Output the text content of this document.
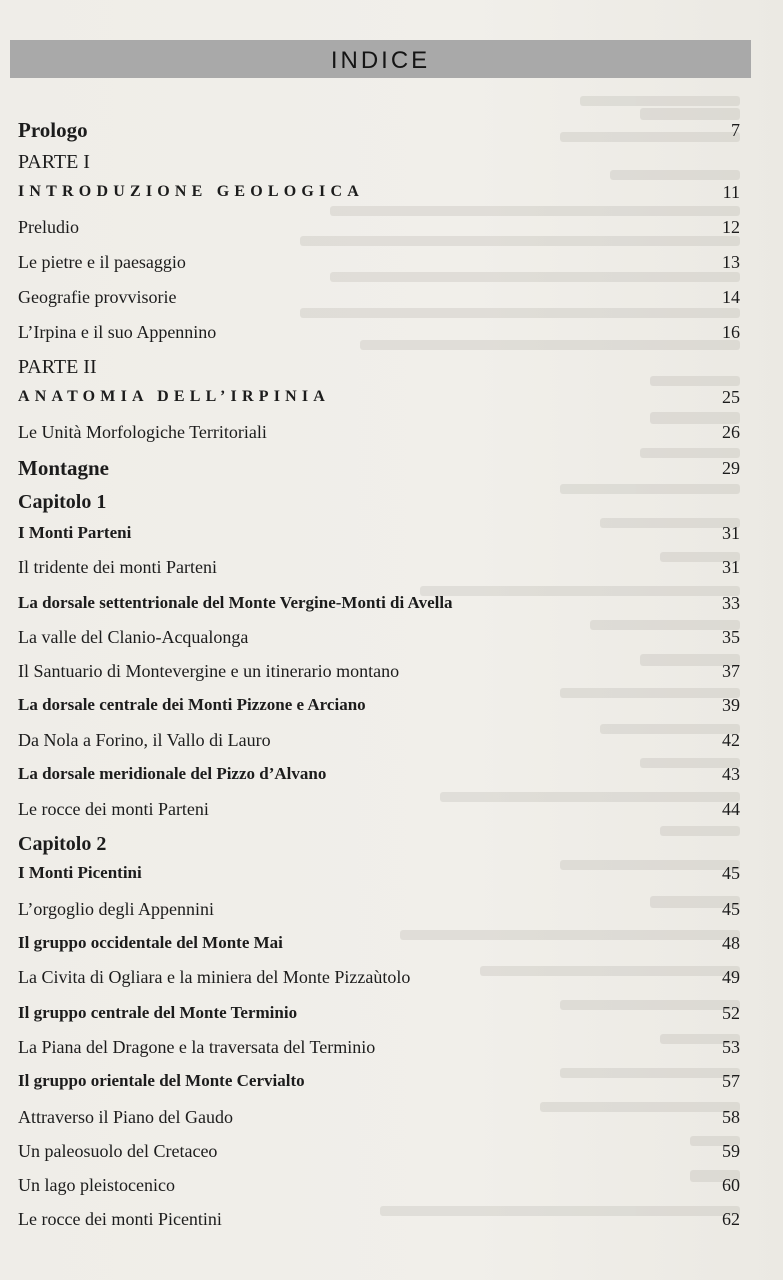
INDICE
Prologo	7
PARTE I
INTRODUZIONE GEOLOGICA	11
Preludio	12
Le pietre e il paesaggio	13
Geografie provvisorie	14
L’Irpina e il suo Appennino	16
PARTE II
ANATOMIA DELL’IRPINIA	25
Le Unità Morfologiche Territoriali	26
Montagne	29
Capitolo 1
I Monti Parteni	31
Il tridente dei monti Parteni	31
La dorsale settentrionale del Monte Vergine-Monti di Avella	33
La valle del Clanio-Acqualonga	35
Il Santuario di Montevergine e un itinerario montano	37
La dorsale centrale dei Monti Pizzone e Arciano	39
Da Nola a Forino, il Vallo di Lauro	42
La dorsale meridionale del Pizzo d’Alvano	43
Le rocce dei monti Parteni	44
Capitolo 2
I Monti Picentini	45
L’orgoglio degli Appennini	45
Il gruppo occidentale del Monte Mai	48
La Civita di Ogliara e la miniera del Monte Pizzaùtolo	49
Il gruppo centrale del Monte Terminio	52
La Piana del Dragone e la traversata del Terminio	53
Il gruppo orientale del Monte Cervialto	57
Attraverso il Piano del Gaudo	58
Un paleosuolo del Cretaceo	59
Un lago pleistocenico	60
Le rocce dei monti Picentini	62
